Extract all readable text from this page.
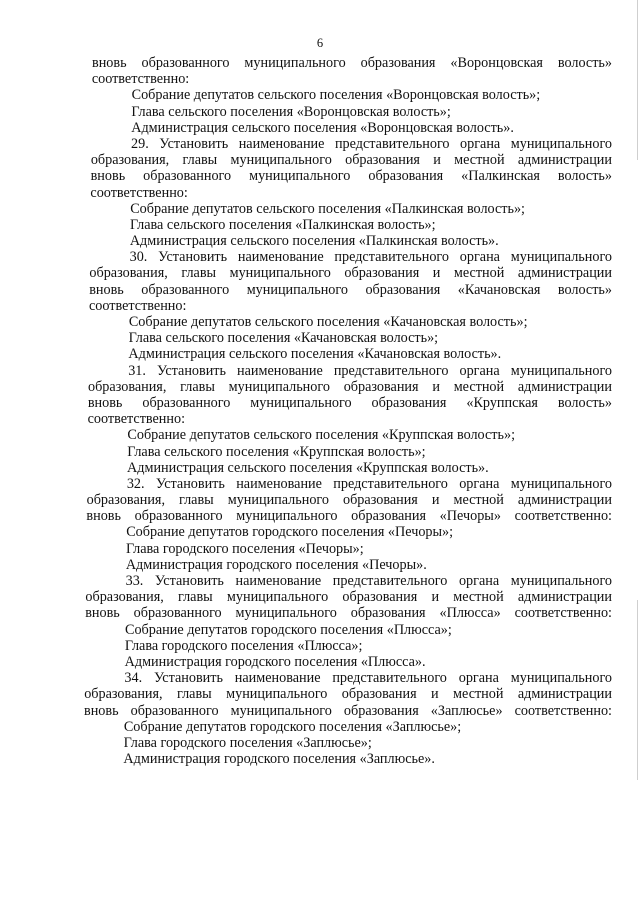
6
вновь образованного муниципального образования «Воронцовская волость»
соответственно:
Собрание депутатов сельского поселения «Воронцовская волость»;
Глава сельского поселения «Воронцовская волость»;
Администрация сельского поселения «Воронцовская волость».
29. Установить наименование представительного органа муниципального
образования, главы муниципального образования и местной администрации
вновь образованного муниципального образования «Палкинская волость»
соответственно:
Собрание депутатов сельского поселения «Палкинская волость»;
Глава сельского поселения «Палкинская волость»;
Администрация сельского поселения «Палкинская волость».
30. Установить наименование представительного органа муниципального
образования, главы муниципального образования и местной администрации
вновь образованного муниципального образования «Качановская волость»
соответственно:
Собрание депутатов сельского поселения «Качановская волость»;
Глава сельского поселения «Качановская волость»;
Администрация сельского поселения «Качановская волость».
31. Установить наименование представительного органа муниципального
образования, главы муниципального образования и местной администрации
вновь образованного муниципального образования «Круппская волость»
соответственно:
Собрание депутатов сельского поселения «Круппская волость»;
Глава сельского поселения «Круппская волость»;
Администрация сельского поселения «Круппская волость».
32. Установить наименование представительного органа муниципального
образования, главы муниципального образования и местной администрации
вновь образованного муниципального образования «Печоры» соответственно:
Собрание депутатов городского поселения «Печоры»;
Глава городского поселения «Печоры»;
Администрация городского поселения «Печоры».
33. Установить наименование представительного органа муниципального
образования, главы муниципального образования и местной администрации
вновь образованного муниципального образования «Плюсса» соответственно:
Собрание депутатов городского поселения «Плюсса»;
Глава городского поселения «Плюсса»;
Администрация городского поселения «Плюсса».
34. Установить наименование представительного органа муниципального
образования, главы муниципального образования и местной администрации
вновь образованного муниципального образования «Заплюсье» соответственно:
Собрание депутатов городского поселения «Заплюсье»;
Глава городского поселения «Заплюсье»;
Администрация городского поселения «Заплюсье».
